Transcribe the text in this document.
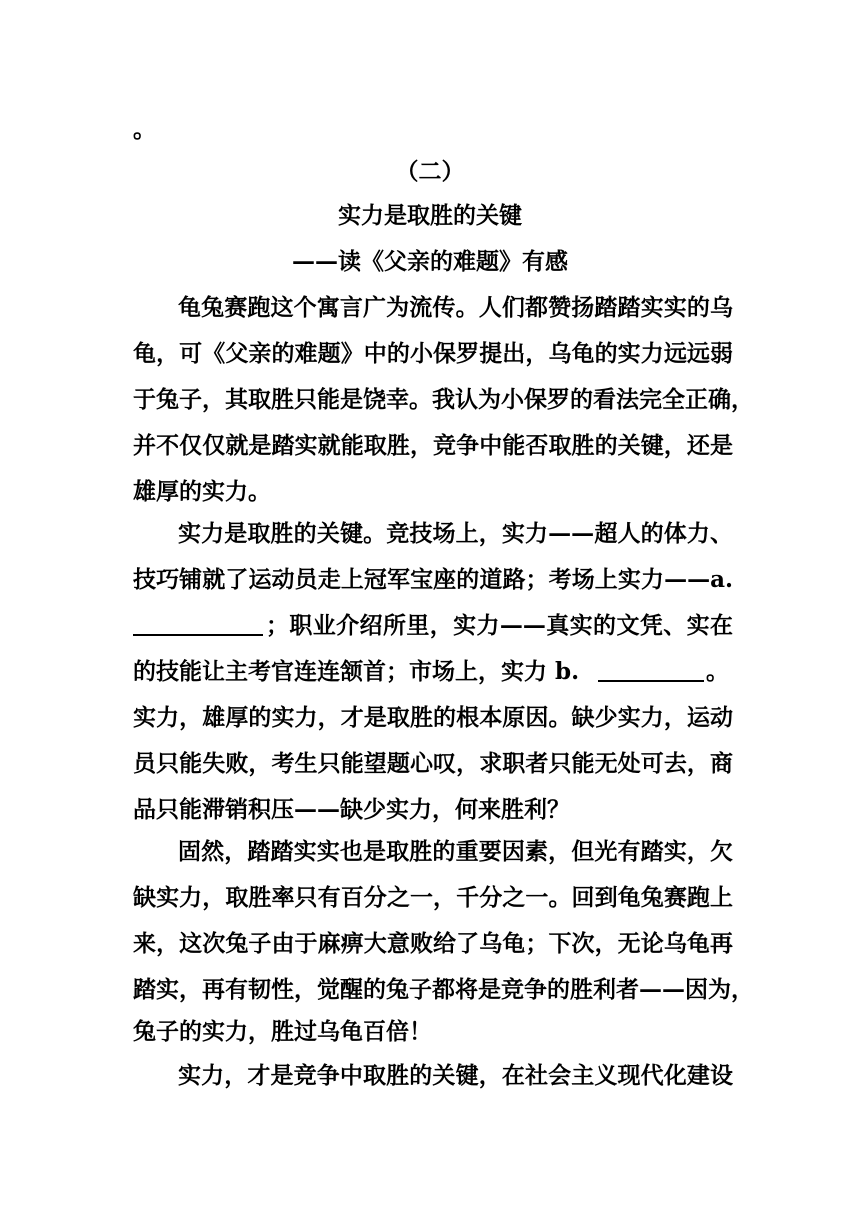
。
（二）
实力是取胜的关键
——读《父亲的难题》有感
龟兔赛跑这个寓言广为流传。人们都赞扬踏踏实实的乌
龟，可《父亲的难题》中的小保罗提出，乌龟的实力远远弱
于兔子，其取胜只能是饶幸。我认为小保罗的看法完全正确，
并不仅仅就是踏实就能取胜，竞争中能否取胜的关键，还是
雄厚的实力。
实力是取胜的关键。竞技场上，实力——超人的体力、
技巧铺就了运动员走上冠军宝座的道路；考场上实力——a.
；职业介绍所里，实力——真实的文凭、实在
的技能让主考官连连颔首；市场上，实力 b.	。
实力，雄厚的实力，才是取胜的根本原因。缺少实力，运动
员只能失败，考生只能望题心叹，求职者只能无处可去，商
品只能滞销积压——缺少实力，何来胜利？
固然，踏踏实实也是取胜的重要因素，但光有踏实，欠
缺实力，取胜率只有百分之一，千分之一。回到龟兔赛跑上
来，这次兔子由于麻痹大意败给了乌龟；下次，无论乌龟再
踏实，再有韧性，觉醒的兔子都将是竞争的胜利者——因为，
兔子的实力，胜过乌龟百倍！
实力，才是竞争中取胜的关键，在社会主义现代化建设
